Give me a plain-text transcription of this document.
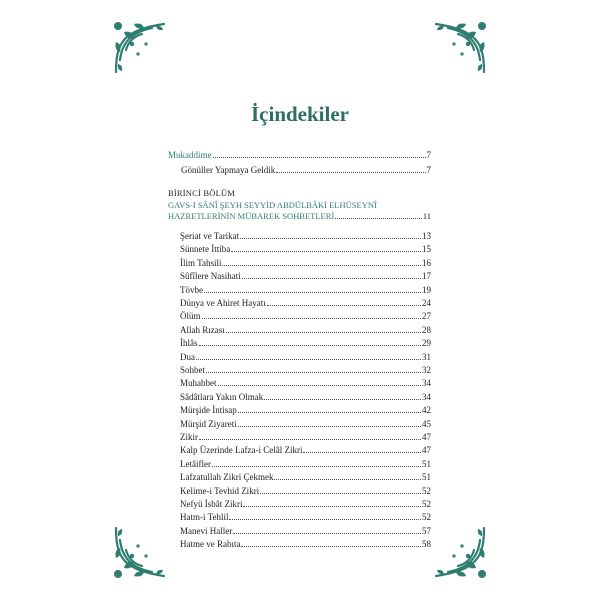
İçindekiler
Mukaddime	7
Gönüller Yapmaya Geldik	7
BİRİNCİ BÖLÜM
GAVS-I SÂNÎ ŞEYH SEYYİD ABDÜLBÂKİ ELHÜSEYNÎ
HAZRETLERİNİN MÜBAREK SOHBETLERİ	11
Şeriat ve Tarikat	13
Sünnete İttiba	15
İlim Tahsili	16
Sûfîlere Nasihati	17
Tövbe	19
Dünya ve Ahiret Hayatı	24
Ölüm	27
Allah Rızası	28
İhlâs	29
Dua	31
Sohbet	32
Muhabbet	34
Sâdâtlara Yakın Olmak	34
Mürşide İntisap	42
Mürşid Ziyareti	45
Zikir	47
Kalp Üzerinde Lafza-i Celâl Zikri	47
Letâifler	51
Lafzatullah Zikri Çekmek	51
Kelime-i Tevhid Zikri	52
Nefyü İsbât Zikri	52
Hatm-i Tehlil	52
Manevi Haller	57
Hatme ve Rabıta	58
